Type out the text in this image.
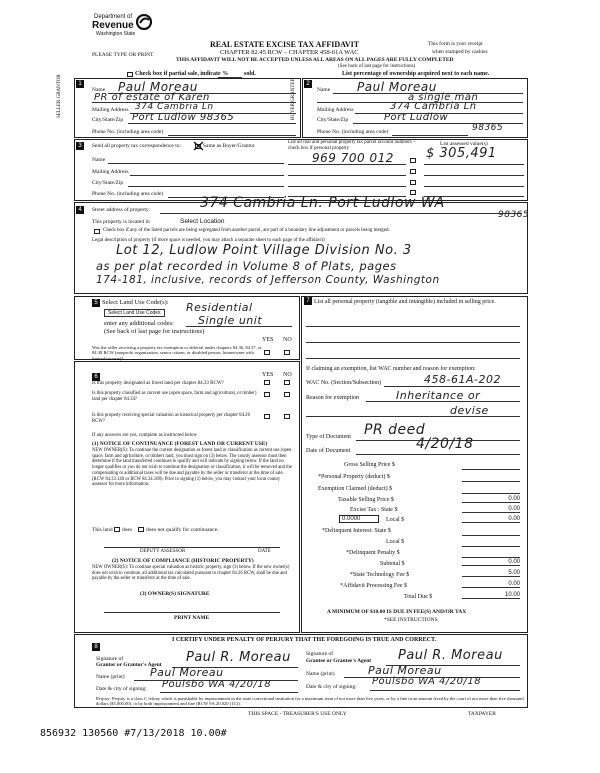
Department of
Revenue
Washington State
PLEASE TYPE OR PRINT
REAL ESTATE EXCISE TAX AFFIDAVIT
CHAPTER 82.45 RCW – CHAPTER 458-61A WAC
THIS AFFIDAVIT WILL NOT BE ACCEPTED UNLESS ALL AREAS ON ALL PAGES ARE FULLY COMPLETED
(See back of last page for instructions)
This form is your receipt
when stamped by cashier.
Check box if partial sale, indicate %	sold.	List percentage of ownership acquired next to each name.
1	2
SELLER GRANTOR	BUYER GRANTEE
Name Paul Moreau
PR of estate of Karen
Mailing Address 374 Cambria Ln
City/State/Zip Port Ludlow 98365
Phone No. (including area code)
Name Paul Moreau
a single man
Mailing Address	374 Cambria Ln
City/State/Zip	Port Ludlow
98365
Phone No. (including area code)
3	Send all property tax correspondence to:	Same as Buyer/Grantor
Name
Mailing Address
City/State/Zip
Phone No. (including area code)
List all real and personal property tax parcel account numbers – check box if personal property
List assessed value(s)
969 700 012 $ 305,491
4	Street address of property:	374 Cambria Ln. Port Ludlow WA
98365
This property is located in	Select Location
Check box if any of the listed parcels are being segregated from another parcel, are part of a boundary line adjustment or parcels being merged.
Legal description of property (if more space is needed, you may attach a separate sheet to each page of the affidavit)
Lot 12, Ludlow Point Village Division No. 3
as per plat recorded in Volume 8 of Plats, pages
174-181, inclusive, records of Jefferson County, Washington
5 Select Land Use Code(s):
Select Land Use Codes	Residential
enter any additional codes: Single unit
(See back of last page for instructions)
YES NO
Was the seller receiving a property tax exemption or deferral under chapters 84.36, 84.37, or 84.38 RCW (nonprofit organization, senior citizen, or disabled person, homeowner with limited income)?
6	YES NO
Is this property designated as forest land per chapter 84.33 RCW?
Is this property classified as current use (open space, farm and agricultural, or timber) land per chapter 84.34?
Is this property receiving special valuation as historical property per chapter 84.26 RCW?
If any answers are yes, complete as instructed below
(1) NOTICE OF CONTINUANCE (FOREST LAND OR CURRENT USE)
NEW OWNER(S): To continue the current designation as forest land or classification as current use (open space, farm and agriculture, or timber) land, you must sign on (3) below. The county assessor must then determine if the land transferred continues to qualify and will indicate by signing below. If the land no longer qualifies or you do not wish to continue the designation or classification, it will be removed and the compensating or additional taxes will be due and payable by the seller or transferor at the time of sale. (RCW 84.33.140 or RCW 84.34.108). Prior to signing (3) below, you may contact your local county assessor for more information.
This land does	does not qualify for continuance.
DEPUTY ASSESSOR	DATE
(2) NOTICE OF COMPLIANCE (HISTORIC PROPERTY)
NEW OWNER(S): To continue special valuation as historic property, sign (3) below. If the new owner(s) does not wish to continue, all additional tax calculated pursuant to chapter 84.26 RCW, shall be due and payable by the seller or transferor at the time of sale.
(3) OWNER(S) SIGNATURE
PRINT NAME
7 List all personal property (tangible and intangible) included in selling price.
If claiming an exemption, list WAC number and reason for exemption:
WAC No. (Section/Subsection)	458-61A-202
Reason for exemption	Inheritance or
devise
Type of Document PR deed
Date of Document	4/20/18
Gross Selling Price $
*Personal Property (deduct) $
Exemption Claimed (deduct) $
Taxable Selling Price $	0.00
Excise Tax : State $	0.00
0.0000	Local $	0.00
*Delinquent Interest: State $
Local $
*Delinquent Penalty $
Subtotal $	0.00
*State Technology Fee $	5.00
*Affidavit Processing Fee $	0.00
Total Due $	10.00
A MINIMUM OF $10.00 IS DUE IN FEE(S) AND/OR TAX
*SEE INSTRUCTIONS
8
I CERTIFY UNDER PENALTY OF PERJURY THAT THE FOREGOING IS TRUE AND CORRECT.
Signature of
Grantor or Grantor's Agent Paul R. Moreau
Name (print) Paul Moreau
Date & city of signing: Poulsbo WA 4/20/18
Signature of
Grantee or Grantee's Agent Paul R. Moreau
Name (print)	Paul Moreau
Date & city of signing: Poulsbo WA 4/20/18
Perjury: Perjury is a class C felony which is punishable by imprisonment in the state correctional institution for a maximum term of not more than five years, or by a fine in an amount fixed by the court of not more than five thousand dollars ($5,000.00), or by both imprisonment and fine (RCW 9A.20.020 (1C)).
THIS SPACE - TREASURER'S USE ONLY	TAXPAYER
856932 130560 #7/13/2018 10.00#
